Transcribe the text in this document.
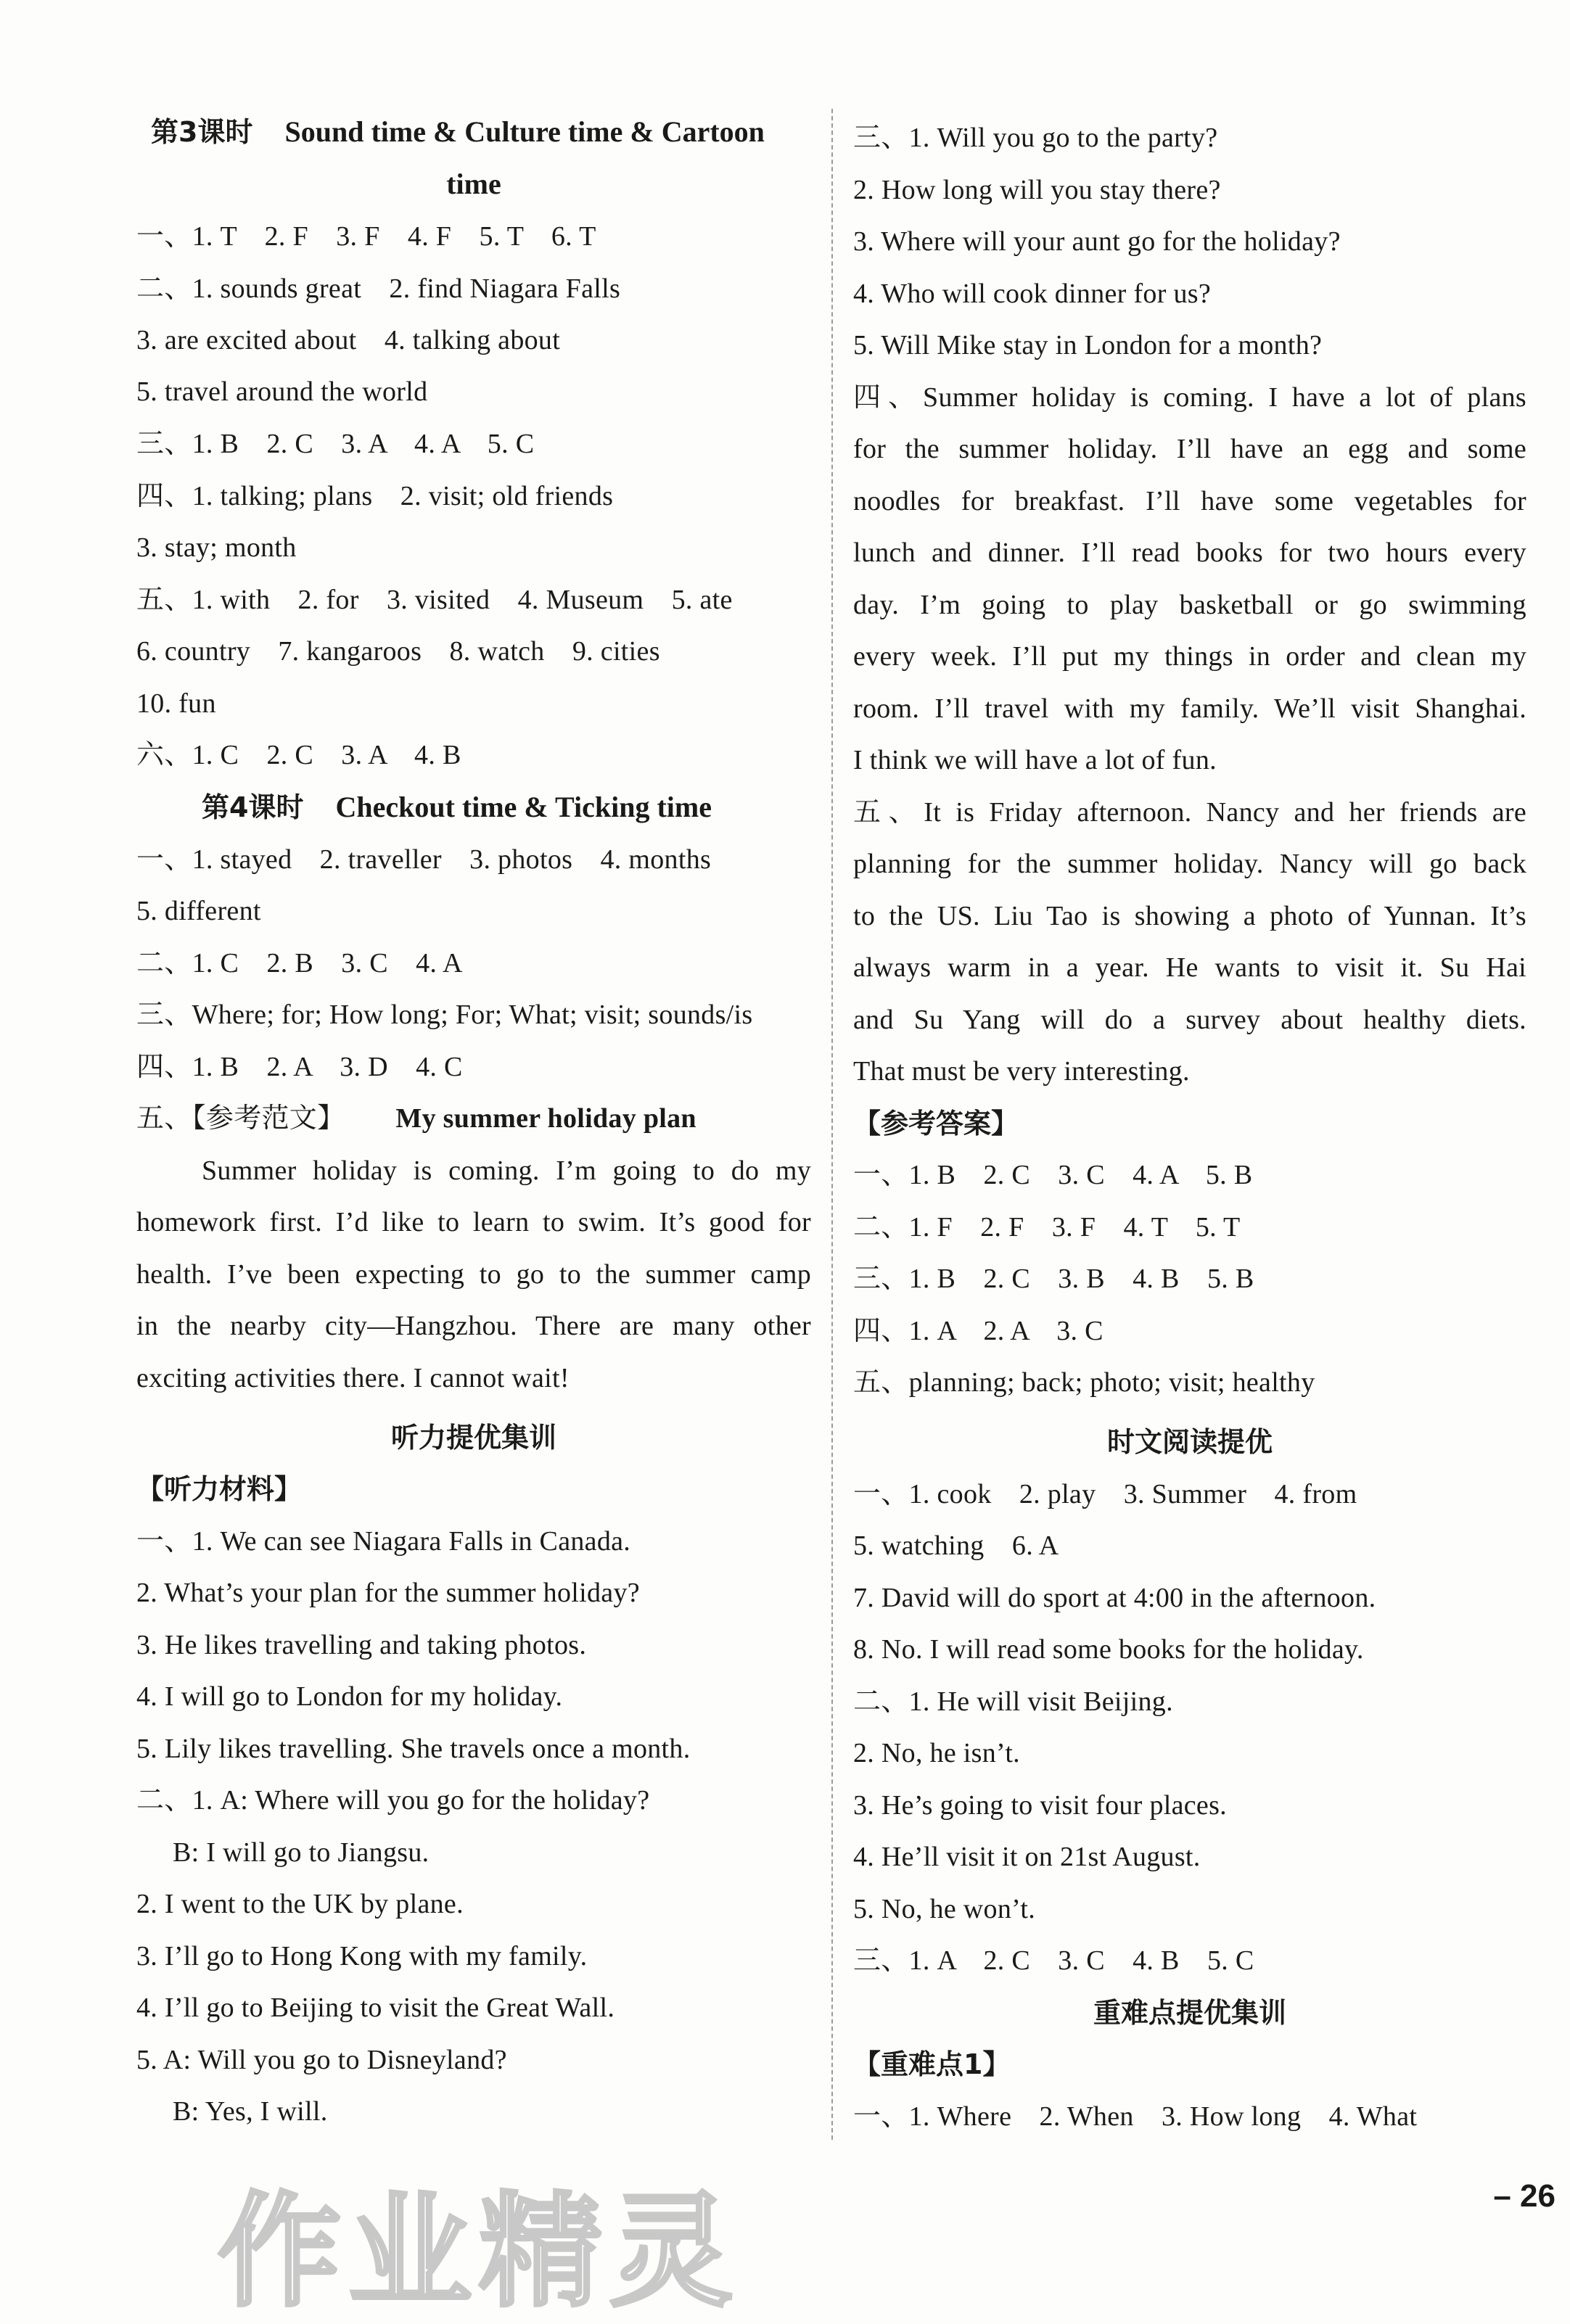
第3课时 Sound time & Culture time & Cartoon
time
一、1. T　2. F　3. F　4. F　5. T　6. T
二、1. sounds great　2. find Niagara Falls
3. are excited about　4. talking about
5. travel around the world
三、1. B　2. C　3. A　4. A　5. C
四、1. talking; plans　2. visit; old friends
3. stay; month
五、1. with　2. for　3. visited　4. Museum　5. ate
6. country　7. kangaroos　8. watch　9. cities
10. fun
六、1. C　2. C　3. A　4. B
第4课时 Checkout time & Ticking time
一、1. stayed　2. traveller　3. photos　4. months
5. different
二、1. C　2. B　3. C　4. A
三、Where; for; How long; For; What; visit; sounds/is
四、1. B　2. A　3. D　4. C
五、【参考范文】 My summer holiday plan
Summer holiday is coming. I’m going to do my
homework first. I’d like to learn to swim. It’s good for
health. I’ve been expecting to go to the summer camp
in the nearby city—Hangzhou. There are many other
exciting activities there. I cannot wait!
听力提优集训
【听力材料】
一、1. We can see Niagara Falls in Canada.
2. What’s your plan for the summer holiday?
3. He likes travelling and taking photos.
4. I will go to London for my holiday.
5. Lily likes travelling. She travels once a month.
二、1. A: Where will you go for the holiday?
B: I will go to Jiangsu.
2. I went to the UK by plane.
3. I’ll go to Hong Kong with my family.
4. I’ll go to Beijing to visit the Great Wall.
5. A: Will you go to Disneyland?
B: Yes, I will.
三、1. Will you go to the party?
2. How long will you stay there?
3. Where will your aunt go for the holiday?
4. Who will cook dinner for us?
5. Will Mike stay in London for a month?
四、Summer holiday is coming. I have a lot of plans
for the summer holiday. I’ll have an egg and some
noodles for breakfast. I’ll have some vegetables for
lunch and dinner. I’ll read books for two hours every
day. I’m going to play basketball or go swimming
every week. I’ll put my things in order and clean my
room. I’ll travel with my family. We’ll visit Shanghai.
I think we will have a lot of fun.
五、It is Friday afternoon. Nancy and her friends are
planning for the summer holiday. Nancy will go back
to the US. Liu Tao is showing a photo of Yunnan. It’s
always warm in a year. He wants to visit it. Su Hai
and Su Yang will do a survey about healthy diets.
That must be very interesting.
【参考答案】
一、1. B　2. C　3. C　4. A　5. B
二、1. F　2. F　3. F　4. T　5. T
三、1. B　2. C　3. B　4. B　5. B
四、1. A　2. A　3. C
五、planning; back; photo; visit; healthy
时文阅读提优
一、1. cook　2. play　3. Summer　4. from
5. watching　6. A
7. David will do sport at 4:00 in the afternoon.
8. No. I will read some books for the holiday.
二、1. He will visit Beijing.
2. No, he isn’t.
3. He’s going to visit four places.
4. He’ll visit it on 21st August.
5. No, he won’t.
三、1. A　2. C　3. C　4. B　5. C
重难点提优集训
【重难点1】
一、1. Where　2. When　3. How long　4. What
– 26
作业精灵
